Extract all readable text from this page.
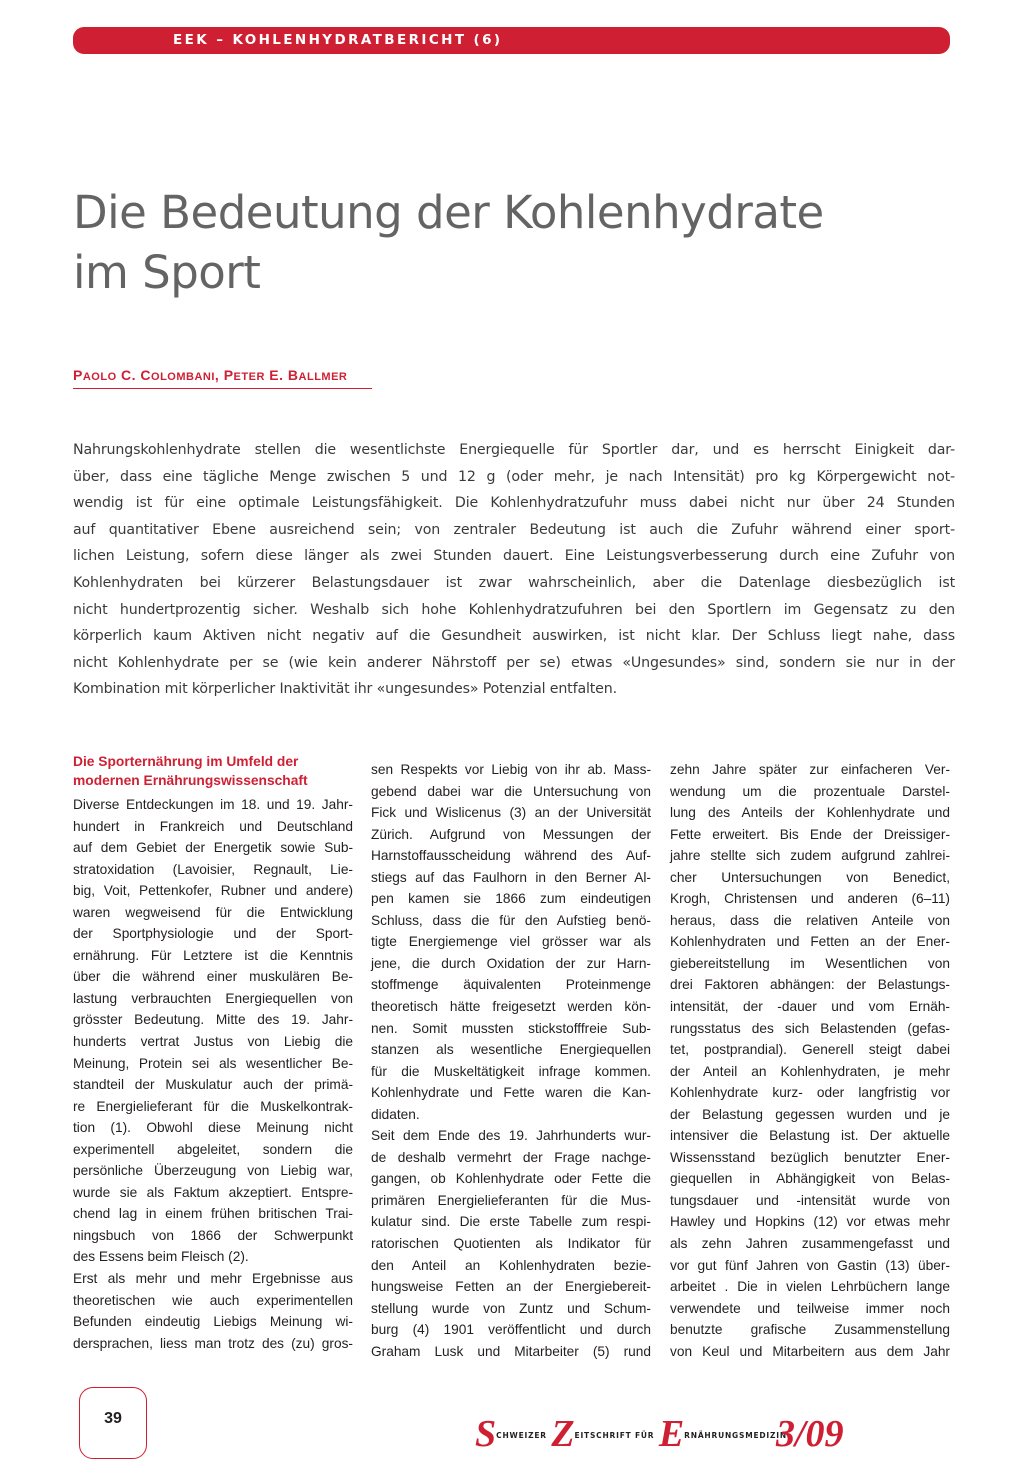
EEK – KOHLENHYDRATBERICHT (6)
Die Bedeutung der Kohlenhydrate
im Sport
PAOLO C. COLOMBANI, PETER E. BALLMER
Nahrungskohlenhydrate stellen die wesentlichste Energiequelle für Sportler dar, und es herrscht Einigkeit dar-
über, dass eine tägliche Menge zwischen 5 und 12 g (oder mehr, je nach Intensität) pro kg Körpergewicht not-
wendig ist für eine optimale Leistungsfähigkeit. Die Kohlenhydratzufuhr muss dabei nicht nur über 24 Stunden
auf quantitativer Ebene ausreichend sein; von zentraler Bedeutung ist auch die Zufuhr während einer sport-
lichen Leistung, sofern diese länger als zwei Stunden dauert. Eine Leistungsverbesserung durch eine Zufuhr von
Kohlenhydraten bei kürzerer Belastungsdauer ist zwar wahrscheinlich, aber die Datenlage diesbezüglich ist
nicht hundertprozentig sicher. Weshalb sich hohe Kohlenhydratzufuhren bei den Sportlern im Gegensatz zu den
körperlich kaum Aktiven nicht negativ auf die Gesundheit auswirken, ist nicht klar. Der Schluss liegt nahe, dass
nicht Kohlenhydrate per se (wie kein anderer Nährstoff per se) etwas «Ungesundes» sind, sondern sie nur in der
Kombination mit körperlicher Inaktivität ihr «ungesundes» Potenzial entfalten.
Die Sporternährung im Umfeld der
modernen Ernährungswissenschaft
Diverse Entdeckungen im 18. und 19. Jahr-
hundert in Frankreich und Deutschland
auf dem Gebiet der Energetik sowie Sub-
stratoxidation (Lavoisier, Regnault, Lie-
big, Voit, Pettenkofer, Rubner und andere)
waren wegweisend für die Entwicklung
der Sportphysiologie und der Sport-
ernährung. Für Letztere ist die Kenntnis
über die während einer muskulären Be-
lastung verbrauchten Energiequellen von
grösster Bedeutung. Mitte des 19. Jahr-
hunderts vertrat Justus von Liebig die
Meinung, Protein sei als wesentlicher Be-
standteil der Muskulatur auch der primä-
re Energielieferant für die Muskelkontrak-
tion (1). Obwohl diese Meinung nicht
experimentell abgeleitet, sondern die
persönliche Überzeugung von Liebig war,
wurde sie als Faktum akzeptiert. Entspre-
chend lag in einem frühen britischen Trai-
ningsbuch von 1866 der Schwerpunkt
des Essens beim Fleisch (2).
Erst als mehr und mehr Ergebnisse aus
theoretischen wie auch experimentellen
Befunden eindeutig Liebigs Meinung wi-
dersprachen, liess man trotz des (zu) gros-
sen Respekts vor Liebig von ihr ab. Mass-
gebend dabei war die Untersuchung von
Fick und Wislicenus (3) an der Universität
Zürich. Aufgrund von Messungen der
Harnstoffausscheidung während des Auf-
stiegs auf das Faulhorn in den Berner Al-
pen kamen sie 1866 zum eindeutigen
Schluss, dass die für den Aufstieg benö-
tigte Energiemenge viel grösser war als
jene, die durch Oxidation der zur Harn-
stoffmenge äquivalenten Proteinmenge
theoretisch hätte freigesetzt werden kön-
nen. Somit mussten stickstofffreie Sub-
stanzen als wesentliche Energiequellen
für die Muskeltätigkeit infrage kommen.
Kohlenhydrate und Fette waren die Kan-
didaten.
Seit dem Ende des 19. Jahrhunderts wur-
de deshalb vermehrt der Frage nachge-
gangen, ob Kohlenhydrate oder Fette die
primären Energielieferanten für die Mus-
kulatur sind. Die erste Tabelle zum respi-
ratorischen Quotienten als Indikator für
den Anteil an Kohlenhydraten bezie-
hungsweise Fetten an der Energiebereit-
stellung wurde von Zuntz und Schum-
burg (4) 1901 veröffentlicht und durch
Graham Lusk und Mitarbeiter (5) rund
zehn Jahre später zur einfacheren Ver-
wendung um die prozentuale Darstel-
lung des Anteils der Kohlenhydrate und
Fette erweitert. Bis Ende der Dreissiger-
jahre stellte sich zudem aufgrund zahlrei-
cher Untersuchungen von Benedict,
Krogh, Christensen und anderen (6–11)
heraus, dass die relativen Anteile von
Kohlenhydraten und Fetten an der Ener-
giebereitstellung im Wesentlichen von
drei Faktoren abhängen: der Belastungs-
intensität, der -dauer und vom Ernäh-
rungsstatus des sich Belastenden (gefas-
tet, postprandial). Generell steigt dabei
der Anteil an Kohlenhydraten, je mehr
Kohlenhydrate kurz- oder langfristig vor
der Belastung gegessen wurden und je
intensiver die Belastung ist. Der aktuelle
Wissensstand bezüglich benutzter Ener-
giequellen in Abhängigkeit von Belas-
tungsdauer und -intensität wurde von
Hawley und Hopkins (12) vor etwas mehr
als zehn Jahren zusammengefasst und
vor gut fünf Jahren von Gastin (13) über-
arbeitet . Die in vielen Lehrbüchern lange
verwendete und teilweise immer noch
benutzte grafische Zusammenstellung
von Keul und Mitarbeitern aus dem Jahr
39	$S^{CHWEIZER}$ $Z^{EITSCHRIFT FÜR}$ $E^{RNÄHRUNGSMEDIZIN}$
3/09
